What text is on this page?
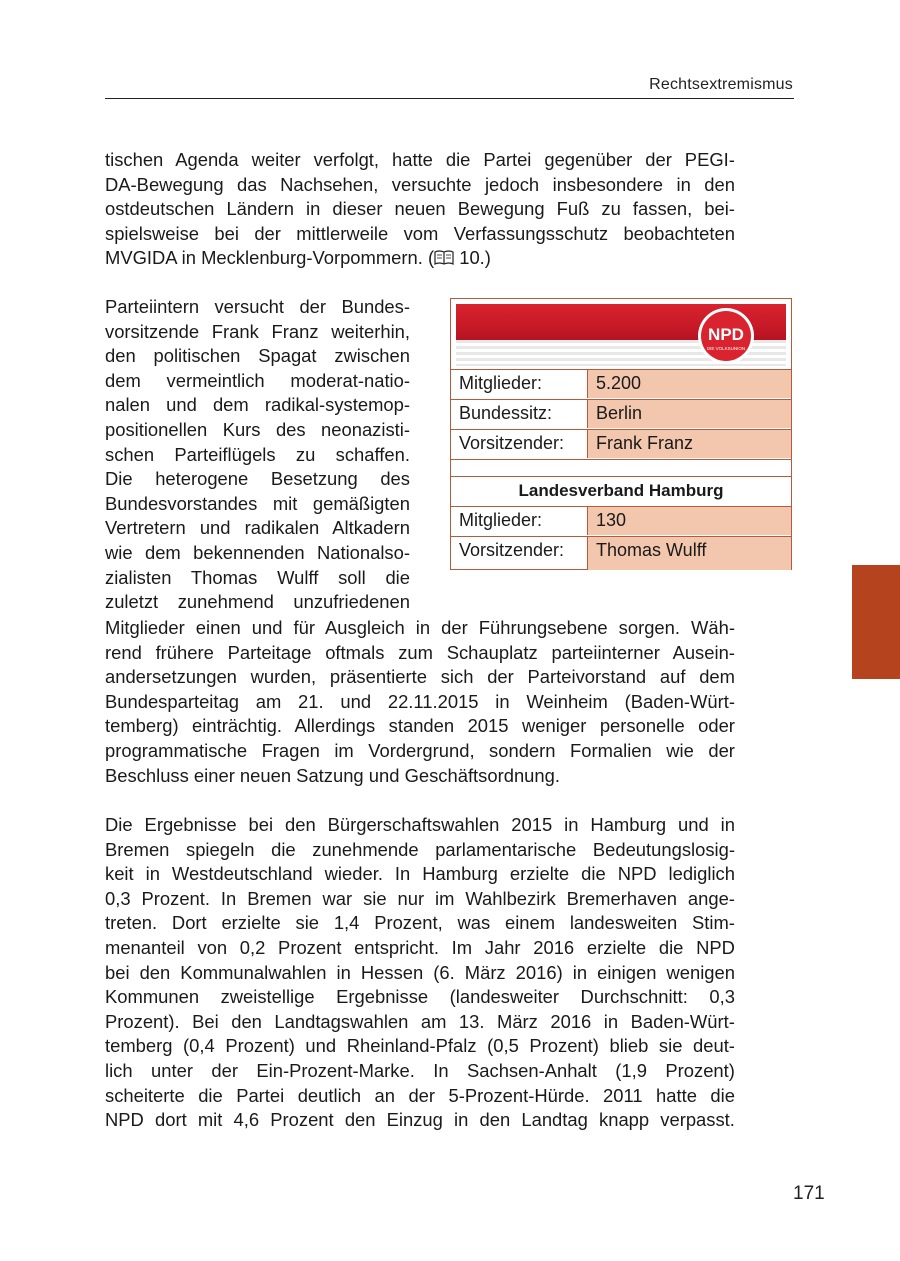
Rechtsextremismus
tischen Agenda weiter verfolgt, hatte die Partei gegenüber der PEGI-
DA-Bewegung das Nachsehen, versuchte jedoch insbesondere in den
ostdeutschen Ländern in dieser neuen Bewegung Fuß zu fassen, bei-
spielsweise bei der mittlerweile vom Verfassungsschutz beobachteten
MVGIDA in Mecklenburg-Vorpommern. ( 10.)
Parteiintern versucht der Bundes-
vorsitzende Frank Franz weiterhin,
den politischen Spagat zwischen
dem vermeintlich moderat-natio-
nalen und dem radikal-systemop-
positionellen Kurs des neonazisti-
schen Parteiflügels zu schaffen.
Die heterogene Besetzung des
Bundesvorstandes mit gemäßigten
Vertretern und radikalen Altkadern
wie dem bekennenden Nationalso-
zialisten Thomas Wulff soll die
zuletzt zunehmend unzufriedenen
Mitglieder einen und für Ausgleich in der Führungsebene sorgen. Wäh-
rend frühere Parteitage oftmals zum Schauplatz parteiinterner Ausein-
andersetzungen wurden, präsentierte sich der Parteivorstand auf dem
Bundesparteitag am 21. und 22.11.2015 in Weinheim (Baden-Würt-
temberg) einträchtig. Allerdings standen 2015 weniger personelle oder
programmatische Fragen im Vordergrund, sondern Formalien wie der
Beschluss einer neuen Satzung und Geschäftsordnung.
Die Ergebnisse bei den Bürgerschaftswahlen 2015 in Hamburg und in
Bremen spiegeln die zunehmende parlamentarische Bedeutungslosig-
keit in Westdeutschland wieder. In Hamburg erzielte die NPD lediglich
0,3 Prozent. In Bremen war sie nur im Wahlbezirk Bremerhaven ange-
treten. Dort erzielte sie 1,4 Prozent, was einem landesweiten Stim-
menanteil von 0,2 Prozent entspricht. Im Jahr 2016 erzielte die NPD
bei den Kommunalwahlen in Hessen (6. März 2016) in einigen wenigen
Kommunen zweistellige Ergebnisse (landesweiter Durchschnitt: 0,3
Prozent). Bei den Landtagswahlen am 13. März 2016 in Baden-Würt-
temberg (0,4 Prozent) und Rheinland-Pfalz (0,5 Prozent) blieb sie deut-
lich unter der Ein-Prozent-Marke. In Sachsen-Anhalt (1,9 Prozent)
scheiterte die Partei deutlich an der 5-Prozent-Hürde. 2011 hatte die
NPD dort mit 4,6 Prozent den Einzug in den Landtag knapp verpasst.
NPD
DIE VOLKSUNION
Mitglieder:	5.200
Bundessitz:	Berlin
Vorsitzender:	Frank Franz
Landesverband Hamburg
Mitglieder:	130
Vorsitzender:	Thomas Wulff
171
